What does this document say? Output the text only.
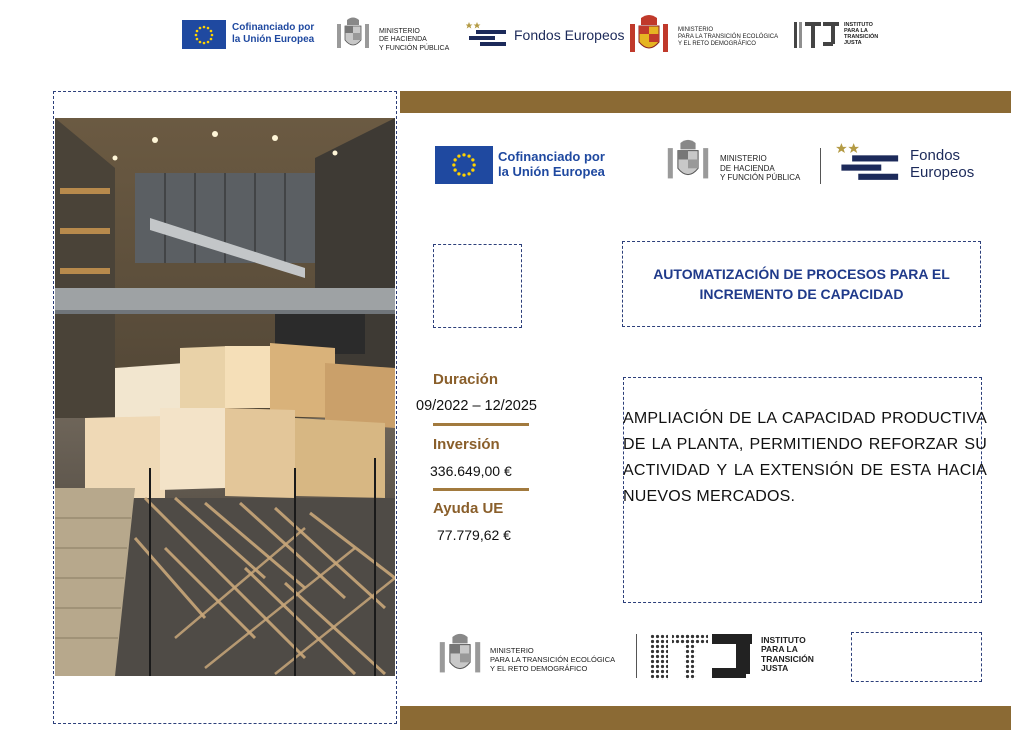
Cofinanciado por
la Unión Europea
MINISTERIO
DE HACIENDA
Y FUNCIÓN PÚBLICA
Fondos Europeos	MINISTERIO
PARA LA TRANSICIÓN ECOLÓGICA
Y EL RETO DEMOGRÁFICO
INSTITUTO
PARA LA
TRANSICIÓN
JUSTA
Cofinanciado por
la Unión Europea
MINISTERIO
DE HACIENDA
Y FUNCIÓN PÚBLICA
Fondos
Europeos
AUTOMATIZACIÓN DE PROCESOS PARA EL
INCREMENTO DE CAPACIDAD
Duración
09/2022 – 12/2025
Inversión
336.649,00 €
Ayuda UE
77.779,62 €
AMPLIACIÓN DE LA CAPACIDAD PRODUCTIVA DE LA PLANTA, PERMITIENDO REFORZAR SU ACTIVIDAD Y LA EXTENSIÓN DE ESTA HACIA NUEVOS MERCADOS.
MINISTERIO
PARA LA TRANSICIÓN ECOLÓGICA
Y EL RETO DEMOGRÁFICO
INSTITUTO
PARA LA
TRANSICIÓN
JUSTA
